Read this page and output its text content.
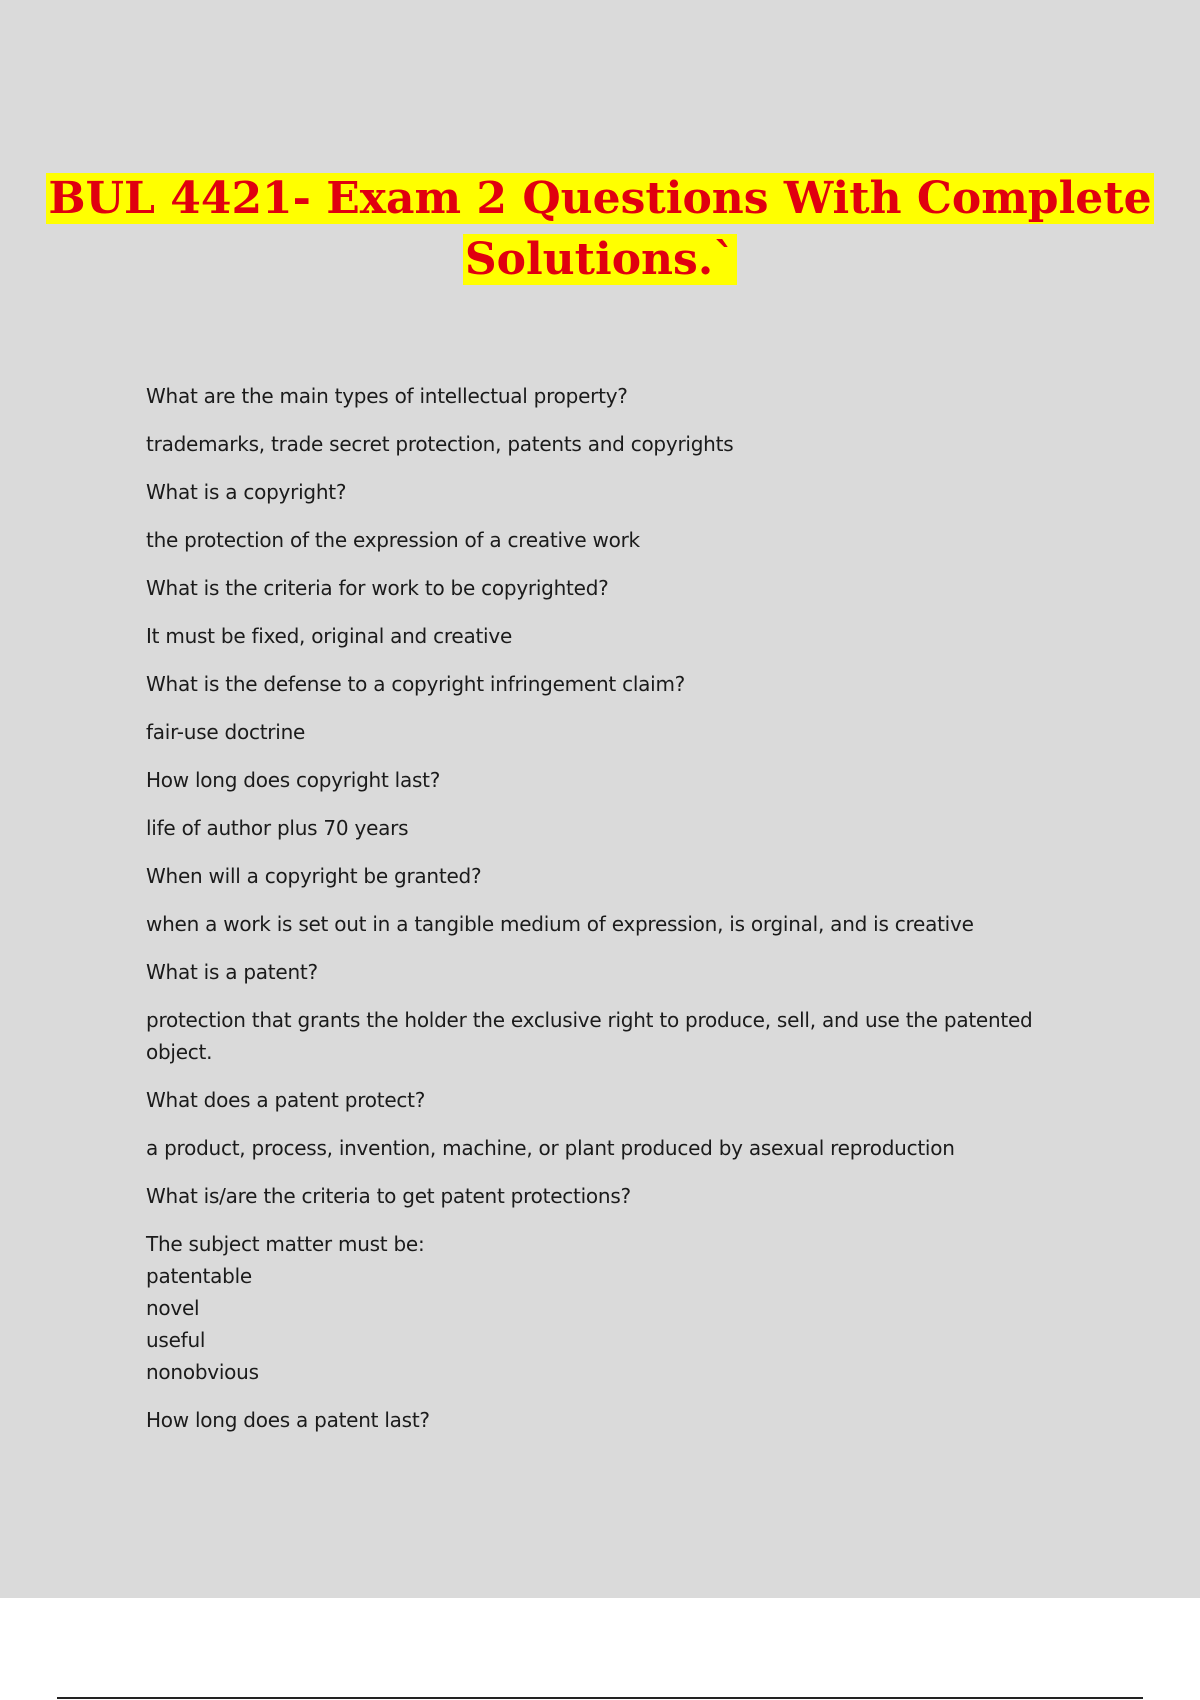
BUL 4421- Exam 2 Questions With Complete
Solutions.`

What are the main types of intellectual property?

trademarks, trade secret protection, patents and copyrights

What is a copyright?

the protection of the expression of a creative work

What is the criteria for work to be copyrighted?

It must be fixed, original and creative

What is the defense to a copyright infringement claim?

fair-use doctrine

How long does copyright last?

life of author plus 70 years

When will a copyright be granted?

when a work is set out in a tangible medium of expression, is orginal, and is creative

What is a patent?

protection that grants the holder the exclusive right to produce, sell, and use the patented object.

What does a patent protect?

a product, process, invention, machine, or plant produced by asexual reproduction

What is/are the criteria to get patent protections?

The subject matter must be:
patentable
novel
useful
nonobvious

How long does a patent last?
